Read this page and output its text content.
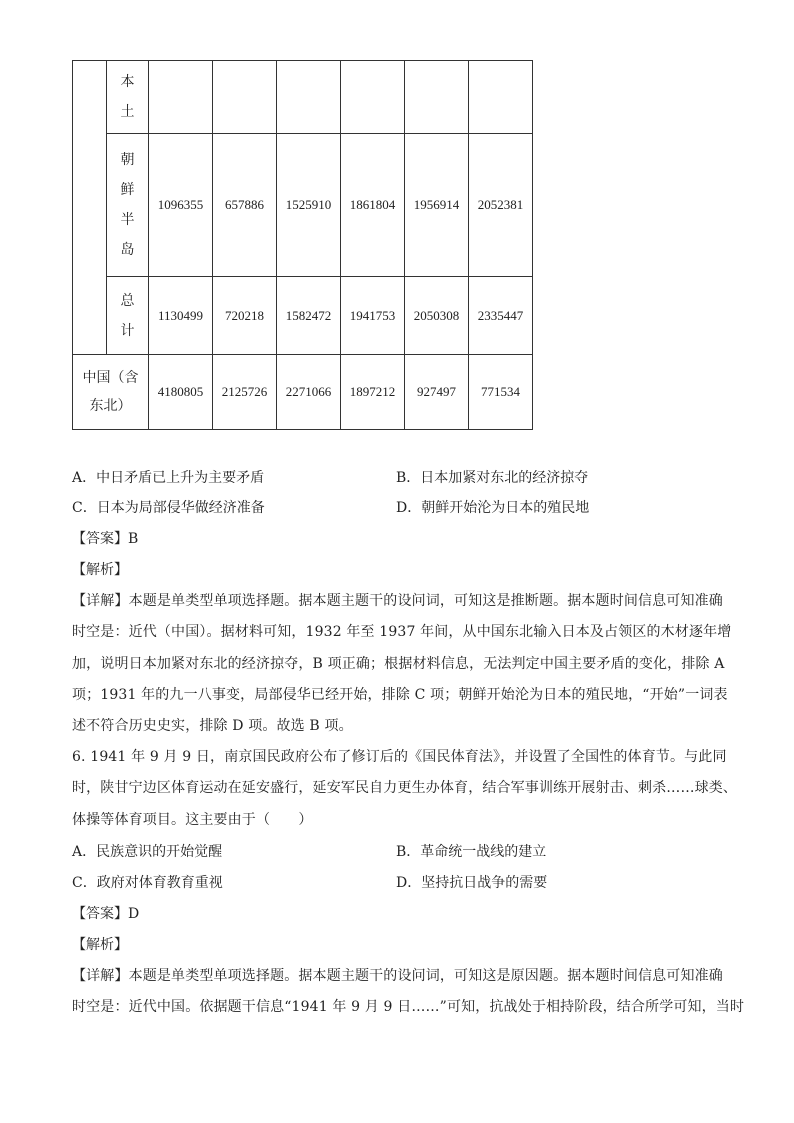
	本
土						

	朝
鲜
半
岛	1096355	657886	1525910	1861804	1956914	2052381

	总
计	1130499	720218	1582472	1941753	2050308	2335447

中国（含
东北）		4180805	2125726	2271066	1897212	927497	771534
A．中日矛盾已上升为主要矛盾	B．日本加紧对东北的经济掠夺
C．日本为局部侵华做经济准备	D．朝鲜开始沦为日本的殖民地
【答案】B
【解析】
【详解】本题是单类型单项选择题。据本题主题干的设问词，可知这是推断题。据本题时间信息可知准确
时空是：近代（中国）。据材料可知，1932 年至 1937 年间，从中国东北输入日本及占领区的木材逐年增
加，说明日本加紧对东北的经济掠夺，B 项正确；根据材料信息，无法判定中国主要矛盾的变化，排除 A
项；1931 年的九一八事变，局部侵华已经开始，排除 C 项；朝鲜开始沦为日本的殖民地，“开始”一词表
述不符合历史史实，排除 D 项。故选 B 项。
6. 1941 年 9 月 9 日，南京国民政府公布了修订后的《国民体育法》，并设置了全国性的体育节。与此同
时，陕甘宁边区体育运动在延安盛行，延安军民自力更生办体育，结合军事训练开展射击、刺杀……球类、
体操等体育项目。这主要由于（　　）
A．民族意识的开始觉醒	B．革命统一战线的建立
C．政府对体育教育重视	D．坚持抗日战争的需要
【答案】D
【解析】
【详解】本题是单类型单项选择题。据本题主题干的设问词，可知这是原因题。据本题时间信息可知准确
时空是：近代中国。依据题干信息“1941 年 9 月 9 日……”可知，抗战处于相持阶段，结合所学可知，当时
